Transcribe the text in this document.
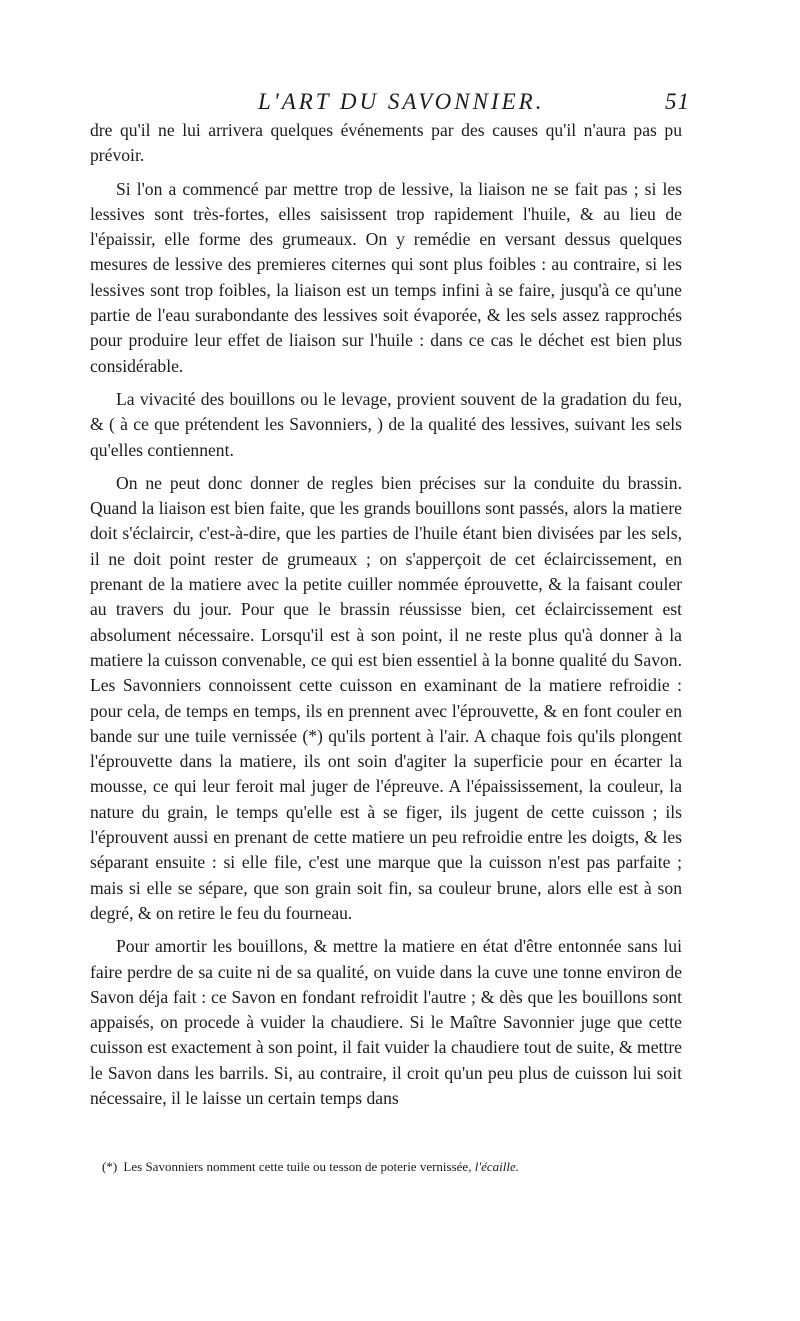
L'ART DU SAVONNIER.	51

dre qu'il ne lui arrivera quelques événements par des causes qu'il n'aura pas pu prévoir.

Si l'on a commencé par mettre trop de lessive, la liaison ne se fait pas ; si les lessives sont très-fortes, elles saisissent trop rapidement l'huile, & au lieu de l'épaissir, elle forme des grumeaux. On y remédie en versant dessus quelques mesures de lessive des premieres citernes qui sont plus foibles : au contraire, si les lessives sont trop foibles, la liaison est un temps infini à se faire, jusqu'à ce qu'une partie de l'eau surabondante des lessives soit évaporée, & les sels assez rapprochés pour produire leur effet de liaison sur l'huile : dans ce cas le déchet est bien plus considérable.

La vivacité des bouillons ou le levage, provient souvent de la gradation du feu, & ( à ce que prétendent les Savonniers, ) de la qualité des lessives, suivant les sels qu'elles contiennent.

On ne peut donc donner de regles bien précises sur la conduite du brassin. Quand la liaison est bien faite, que les grands bouillons sont passés, alors la matiere doit s'éclaircir, c'est-à-dire, que les parties de l'huile étant bien divisées par les sels, il ne doit point rester de grumeaux ; on s'apperçoit de cet éclaircissement, en prenant de la matiere avec la petite cuiller nommée éprouvette, & la faisant couler au travers du jour. Pour que le brassin réussisse bien, cet éclaircissement est absolument nécessaire. Lorsqu'il est à son point, il ne reste plus qu'à donner à la matiere la cuisson convenable, ce qui est bien essentiel à la bonne qualité du Savon. Les Savonniers connoissent cette cuisson en examinant de la matiere refroidie : pour cela, de temps en temps, ils en prennent avec l'éprouvette, & en font couler en bande sur une tuile vernissée (*) qu'ils portent à l'air. A chaque fois qu'ils plongent l'éprouvette dans la matiere, ils ont soin d'agiter la superficie pour en écarter la mousse, ce qui leur feroit mal juger de l'épreuve. A l'épaississement, la couleur, la nature du grain, le temps qu'elle est à se figer, ils jugent de cette cuisson ; ils l'éprouvent aussi en prenant de cette matiere un peu refroidie entre les doigts, & les séparant ensuite : si elle file, c'est une marque que la cuisson n'est pas parfaite ; mais si elle se sépare, que son grain soit fin, sa couleur brune, alors elle est à son degré, & on retire le feu du fourneau.

Pour amortir les bouillons, & mettre la matiere en état d'être entonnée sans lui faire perdre de sa cuite ni de sa qualité, on vuide dans la cuve une tonne environ de Savon déja fait : ce Savon en fondant refroidit l'autre ; & dès que les bouillons sont appaisés, on procede à vuider la chaudiere. Si le Maître Savonnier juge que cette cuisson est exactement à son point, il fait vuider la chaudiere tout de suite, & mettre le Savon dans les barrils. Si, au contraire, il croit qu'un peu plus de cuisson lui soit nécessaire, il le laisse un certain temps dans

(*) Les Savonniers nomment cette tuile ou tesson de poterie vernissée, l'écaille.
